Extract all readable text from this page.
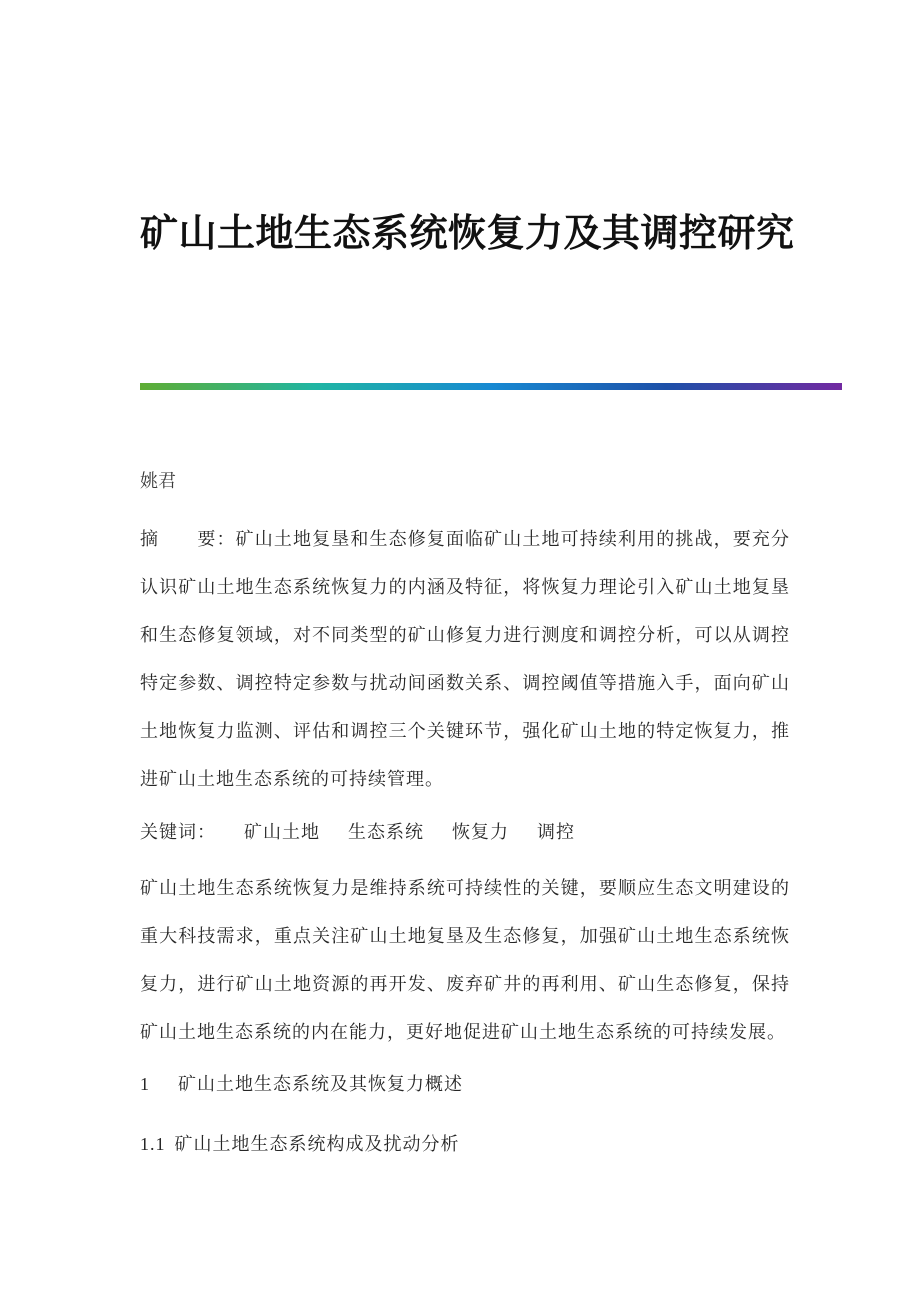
矿山土地生态系统恢复力及其调控研究

姚君

摘　　要：矿山土地复垦和生态修复面临矿山土地可持续利用的挑战，要充分认识矿山土地生态系统恢复力的内涵及特征，将恢复力理论引入矿山土地复垦和生态修复领域，对不同类型的矿山修复力进行测度和调控分析，可以从调控特定参数、调控特定参数与扰动间函数关系、调控阈值等措施入手，面向矿山土地恢复力监测、评估和调控三个关键环节，强化矿山土地的特定恢复力，推进矿山土地生态系统的可持续管理。

关键词： 矿山土地 生态系统 恢复力 调控

矿山土地生态系统恢复力是维持系统可持续性的关键，要顺应生态文明建设的重大科技需求，重点关注矿山土地复垦及生态修复，加强矿山土地生态系统恢复力，进行矿山土地资源的再开发、废弃矿井的再利用、矿山生态修复，保持矿山土地生态系统的内在能力，更好地促进矿山土地生态系统的可持续发展。

1 矿山土地生态系统及其恢复力概述
1.1 矿山土地生态系统构成及扰动分析
